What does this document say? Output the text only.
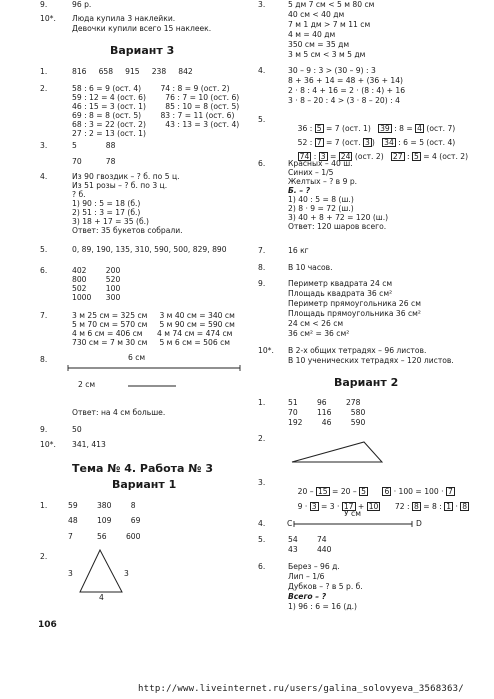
9.	96 р.
10*. Люда купила 3 наклейки.
Девочки купили всего 15 наклеек.
Вариант 3
1.	816     658     915     238     842
2.	58 : 6 = 9 (ост. 4)        74 : 8 = 9 (ост. 2)
59 : 12 = 4 (ост. 6)        76 : 7 = 10 (ост. 6)
46 : 15 = 3 (ост. 1)        85 : 10 = 8 (ост. 5)
69 : 8 = 8 (ост. 5)        83 : 7 = 11 (ост. 6)
68 : 3 = 22 (ост. 2)        43 : 13 = 3 (ост. 4)
27 : 2 = 13 (ост. 1)
3.	5            88
70          78
4.	Из 90 гвоздик – ? б. по 5 ц.
Из 51 розы – ? б. по 3 ц.
? б.
1) 90 : 5 = 18 (б.)
2) 51 : 3 = 17 (б.)
3) 18 + 17 = 35 (б.)
Ответ: 35 букетов собрали.
5.	0, 89, 190, 135, 310, 590, 500, 829, 890
6.	402        200
800        520
502        100
1000      300
7.	3 м 25 см = 325 см     3 м 40 см = 340 см
5 м 70 см = 570 см     5 м 90 см = 590 см
4 м 6 см = 406 см      4 м 74 см = 474 см
730 см = 7 м 30 см     5 м 6 см = 506 см
8.	6 см
2 см
Ответ: на 4 см больше.
9.	50
10*. 341, 413
Тема № 4. Работа № 3
Вариант 1
1.	59        380        8
48        109        69
7          56        600
2.
3	3
4
106
3.	5 дм 7 см < 5 м 80 см
40 см < 40 дм
7 м 1 дм > 7 м 11 см
4 м = 40 дм
350 см = 35 дм
3 м 5 см < 3 м 5 дм
4.	30 – 9 : 3 > (30 – 9) : 3
8 + 36 + 14 = 48 + (36 + 14)
2 · 8 : 4 + 16 = 2 · (8 : 4) + 16
3 · 8 – 20 : 4 > (3 · 8 – 20) : 4
5.

36 : 5 = 7 (ост. 1)   39 : 8 = 4 (ост. 7)

52 : 7 = 7 (ост. 3 )   34 : 6 = 5 (ост. 4)

74 : 3 = 24 (ост. 2)   27 : 5 = 4 (ост. 2)

6.	Красных – 40 ш.
Синих – 1/5
Желтых – ? в 9 р.
Б. – ?
1) 40 : 5 = 8 (ш.)
2) 8 · 9 = 72 (ш.)
3) 40 + 8 + 72 = 120 (ш.)
Ответ: 120 шаров всего.
7.	16 кг
8.	В 10 часов.
9.	Периметр квадрата 24 см
Площадь квадрата 36 см²
Периметр прямоугольника 26 см
Площадь прямоугольника 36 см²
24 см < 26 см
36 см² = 36 см²
10*. В 2-х общих тетрадях – 96 листов.
В 10 ученических тетрадях – 120 листов.
Вариант 2
1.	51        96        278
70        116        580
192        46        590
2.
3.

20 – 15 = 20 – 5 6 · 100 = 100 · 7

9 · 3 = 3 · 17 + 10      72 : 8 = 8 : 1 · 8

4.
У см
C	D
5.	54        74
43        440
6.	Берез – 96 д.
Лип – 1/6
Дубков – ? в 5 р. б.
Всего – ?
1) 96 : 6 = 16 (д.)
http://www.liveinternet.ru/users/galina_solovyeva_3568363/
